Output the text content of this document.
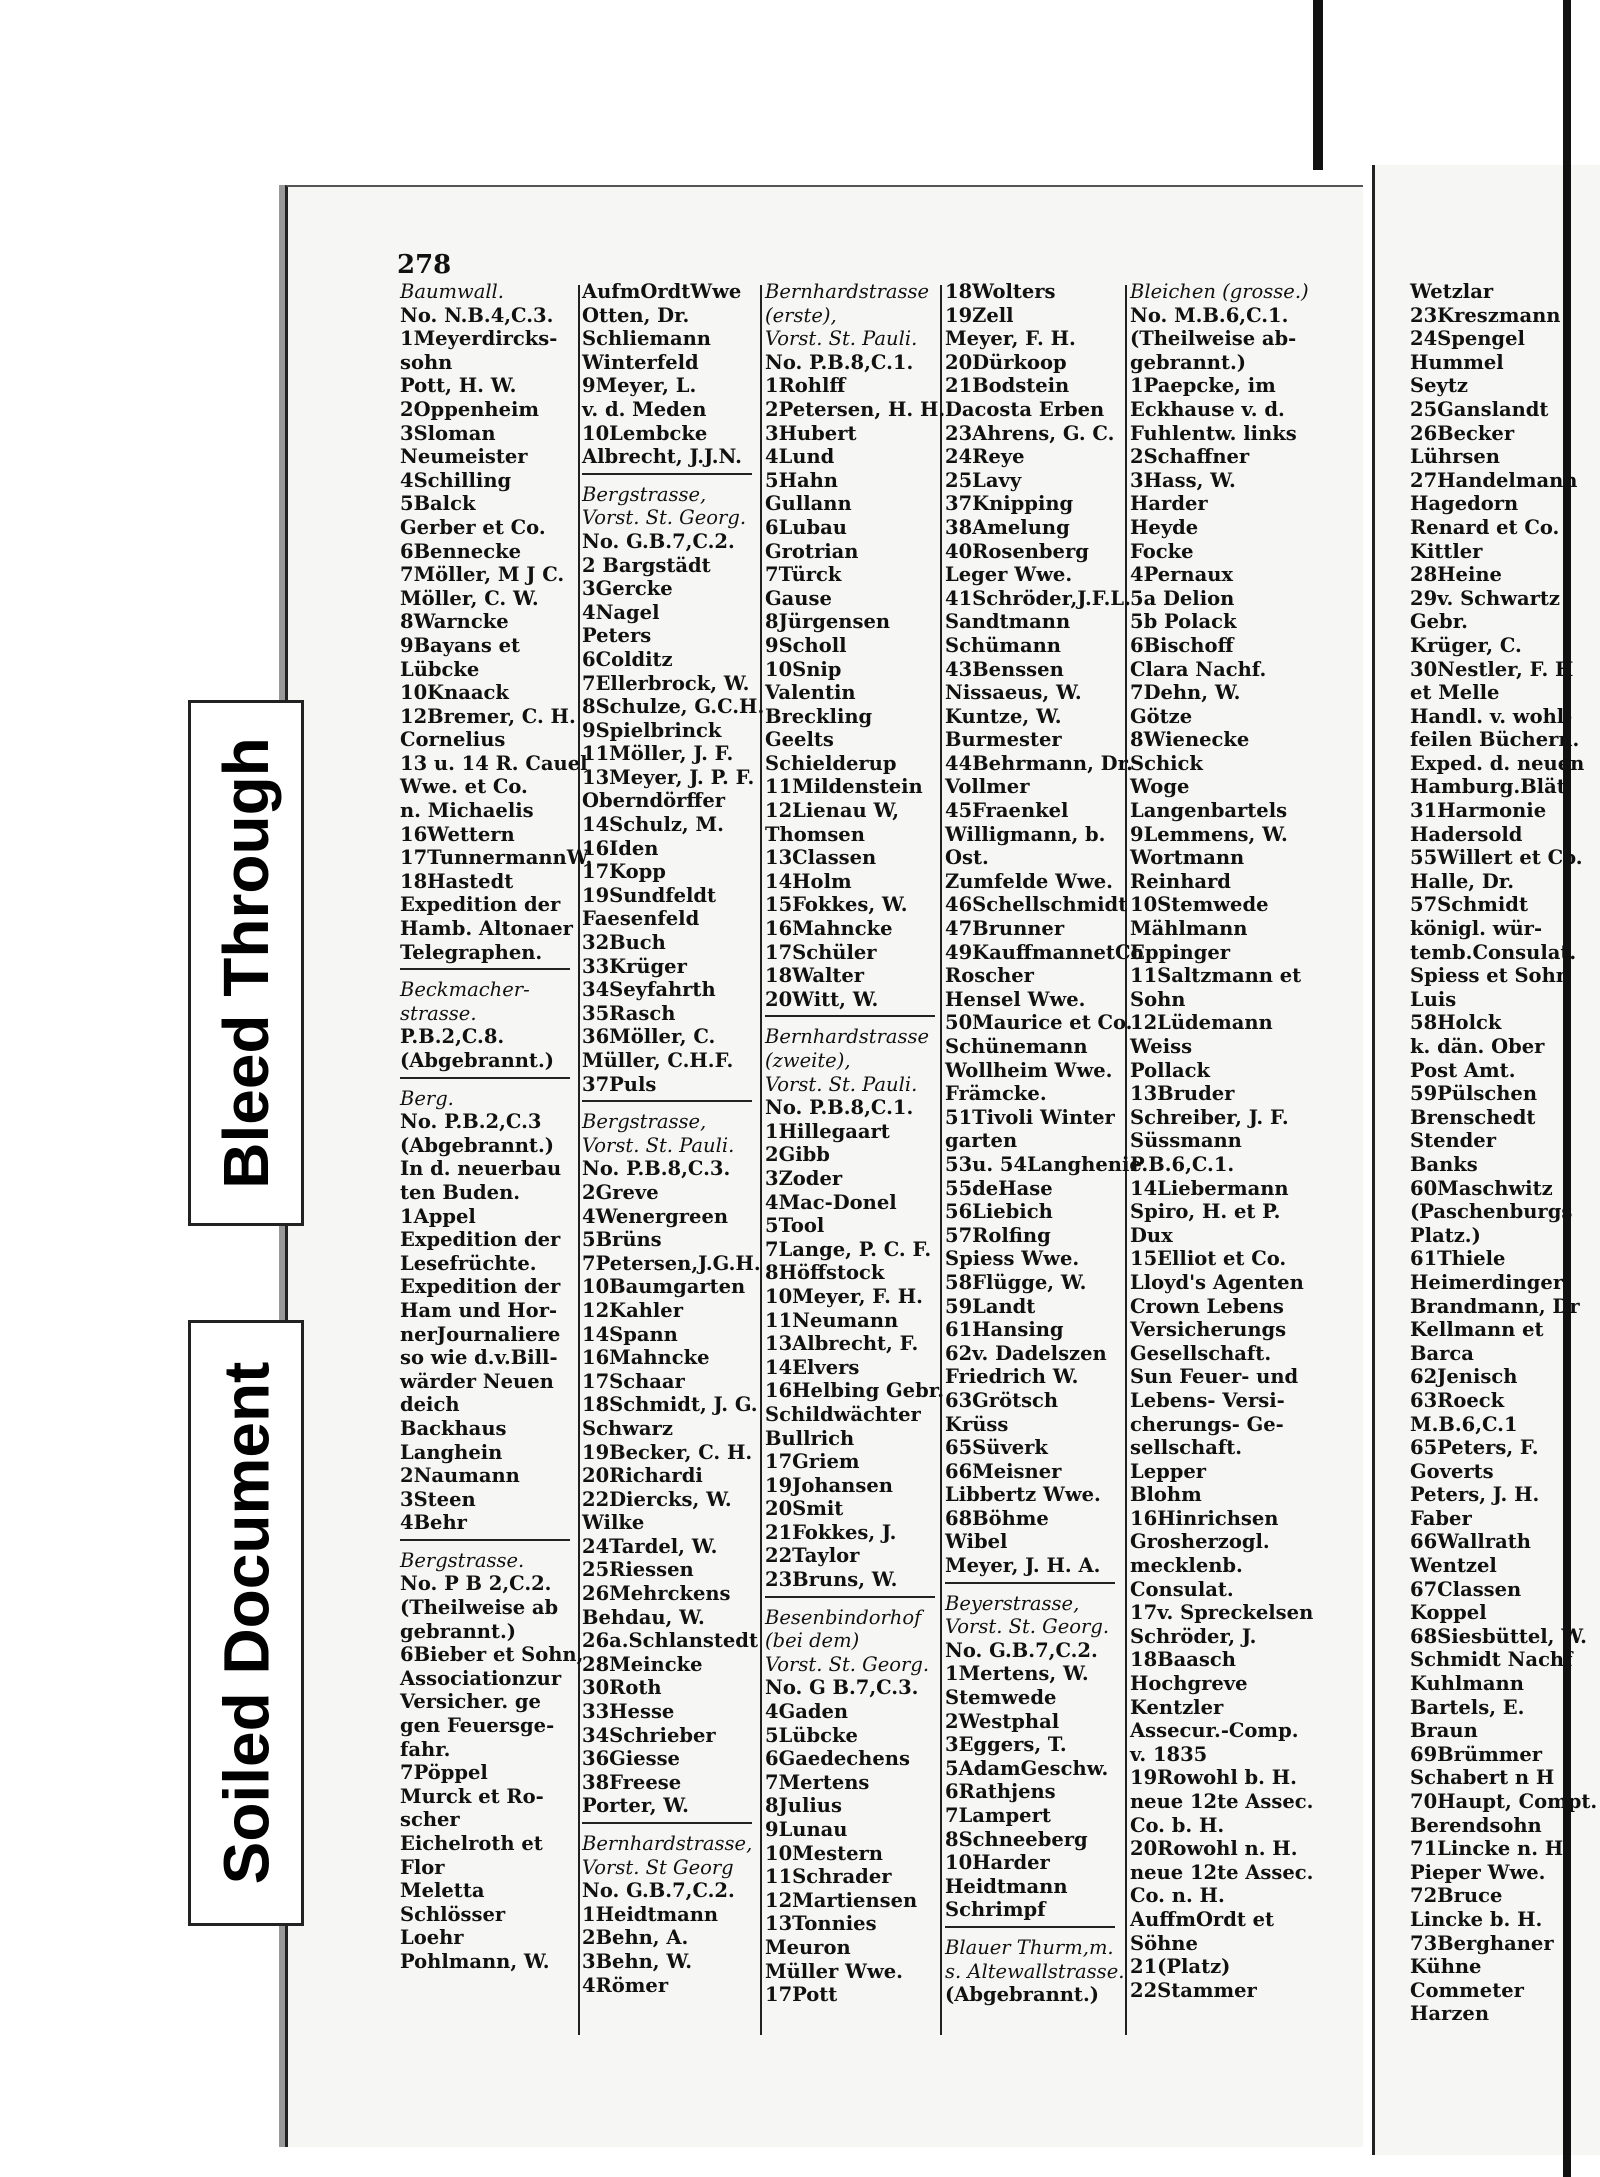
278
Baumwall.
No. N.B.4,C.3.
1Meyerdircks-
sohn
Pott, H. W.
2Oppenheim
3Sloman
Neumeister
4Schilling
5Balck
Gerber et Co.
6Bennecke
7Möller, M J C.
Möller, C. W.
8Warncke
9Bayans et
Lübcke
10Knaack
12Bremer, C. H.
Cornelius
13 u. 14 R. Cauel
Wwe. et Co.
n. Michaelis
16Wettern
17TunnermannW.
18Hastedt
Expedition der
Hamb. Altonaer
Telegraphen.
Beckmacher-
strasse.
P.B.2,C.8.
(Abgebrannt.)
Berg.
No. P.B.2,C.3
(Abgebrannt.)
In d. neuerbau
ten Buden.
1Appel
Expedition der
Lesefrüchte.
Expedition der
Ham und Hor-
nerJournaliere
so wie d.v.Bill-
wärder Neuen
deich
Backhaus
Langhein
2Naumann
3Steen
4Behr
Bergstrasse.
No. P B 2,C.2.
(Theilweise ab
gebrannt.)
6Bieber et Sohn,
Associationzur
Versicher. ge
gen Feuersge-
fahr.
7Pöppel
Murck et Ro-
scher
Eichelroth et
Flor
Meletta
Schlösser
Loehr
Pohlmann, W.
AufmOrdtWwe
Otten, Dr.
Schliemann
Winterfeld
9Meyer, L.
v. d. Meden
10Lembcke
Albrecht, J.J.N.
Bergstrasse,
Vorst. St. Georg.
No. G.B.7,C.2.
2 Bargstädt
3Gercke
4Nagel
Peters
6Colditz
7Ellerbrock, W.
8Schulze, G.C.H.
9Spielbrinck
11Möller, J. F.
13Meyer, J. P. F.
Oberndörffer
14Schulz, M.
16Iden
17Kopp
19Sundfeldt
Faesenfeld
32Buch
33Krüger
34Seyfahrth
35Rasch
36Möller, C.
Müller, C.H.F.
37Puls
Bergstrasse,
Vorst. St. Pauli.
No. P.B.8,C.3.
2Greve
4Wenergreen
5Brüns
7Petersen,J.G.H.
10Baumgarten
12Kahler
14Spann
16Mahncke
17Schaar
18Schmidt, J. G.
Schwarz
19Becker, C. H.
20Richardi
22Diercks, W.
Wilke
24Tardel, W.
25Riessen
26Mehrckens
Behdau, W.
26a.Schlanstedt
28Meincke
30Roth
33Hesse
34Schrieber
36Giesse
38Freese
Porter, W.
Bernhardstrasse,
Vorst. St Georg
No. G.B.7,C.2.
1Heidtmann
2Behn, A.
3Behn, W.
4Römer
Bernhardstrasse
(erste),
Vorst. St. Pauli.
No. P.B.8,C.1.
1Rohlff
2Petersen, H. H.
3Hubert
4Lund
5Hahn
Gullann
6Lubau
Grotrian
7Türck
Gause
8Jürgensen
9Scholl
10Snip
Valentin
Breckling
Geelts
Schielderup
11Mildenstein
12Lienau W,
Thomsen
13Classen
14Holm
15Fokkes, W.
16Mahncke
17Schüler
18Walter
20Witt, W.
Bernhardstrasse
(zweite),
Vorst. St. Pauli.
No. P.B.8,C.1.
1Hillegaart
2Gibb
3Zoder
4Mac-Donel
5Tool
7Lange, P. C. F.
8Höffstock
10Meyer, F. H.
11Neumann
13Albrecht, F.
14Elvers
16Helbing Gebr.
Schildwächter
Bullrich
17Griem
19Johansen
20Smit
21Fokkes, J.
22Taylor
23Bruns, W.
Besenbindorhof
(bei dem)
Vorst. St. Georg.
No. G B.7,C.3.
4Gaden
5Lübcke
6Gaedechens
7Mertens
8Julius
9Lunau
10Mestern
11Schrader
12Martiensen
13Tonnies
Meuron
Müller Wwe.
17Pott
18Wolters
19Zell
Meyer, F. H.
20Dürkoop
21Bodstein
Dacosta Erben
23Ahrens, G. C.
24Reye
25Lavy
37Knipping
38Amelung
40Rosenberg
Leger Wwe.
41Schröder,J.F.L.
Sandtmann
Schümann
43Benssen
Nissaeus, W.
Kuntze, W.
Burmester
44Behrmann, Dr.
Vollmer
45Fraenkel
Willigmann, b.
Ost.
Zumfelde Wwe.
46Schellschmidt
47Brunner
49KauffmannetCo
Roscher
Hensel Wwe.
50Maurice et Co.
Schünemann
Wollheim Wwe.
Främcke.
51Tivoli Winter
garten
53u. 54Langhenie
55deHase
56Liebich
57Rolfing
Spiess Wwe.
58Flügge, W.
59Landt
61Hansing
62v. Dadelszen
Friedrich W.
63Grötsch
Krüss
65Süverk
66Meisner
Libbertz Wwe.
68Böhme
Wibel
Meyer, J. H. A.
Beyerstrasse,
Vorst. St. Georg.
No. G.B.7,C.2.
1Mertens, W.
Stemwede
2Westphal
3Eggers, T.
5AdamGeschw.
6Rathjens
7Lampert
8Schneeberg
10Harder
Heidtmann
Schrimpf
Blauer Thurm,m.
s. Altewallstrasse.
(Abgebrannt.)
Bleichen (grosse.)
No. M.B.6,C.1.
(Theilweise ab-
gebrannt.)
1Paepcke, im
Eckhause v. d.
Fuhlentw. links
2Schaffner
3Hass, W.
Harder
Heyde
Focke
4Pernaux
5a Delion
5b Polack
6Bischoff
Clara Nachf.
7Dehn, W.
Götze
8Wienecke
Schick
Woge
Langenbartels
9Lemmens, W.
Wortmann
Reinhard
10Stemwede
Mählmann
Eppinger
11Saltzmann et
Sohn
12Lüdemann
Weiss
Pollack
13Bruder
Schreiber, J. F.
Süssmann
P.B.6,C.1.
14Liebermann
Spiro, H. et P.
Dux
15Elliot et Co.
Lloyd's Agenten
Crown Lebens
Versicherungs
Gesellschaft.
Sun Feuer- und
Lebens- Versi-
cherungs- Ge-
sellschaft.
Lepper
Blohm
16Hinrichsen
Grosherzogl.
mecklenb.
Consulat.
17v. Spreckelsen
Schröder, J.
18Baasch
Hochgreve
Kentzler
Assecur.-Comp.
v. 1835
19Rowohl b. H.
neue 12te Assec.
Co. b. H.
20Rowohl n. H.
neue 12te Assec.
Co. n. H.
AuffmOrdt et
Söhne
21(Platz)
22Stammer
Wetzlar
23Kreszmann
24Spengel
Hummel
Seytz
25Ganslandt
26Becker
Lührsen
27Handelmann
Hagedorn
Renard et Co.
Kittler
28Heine
29v. Schwartz
Gebr.
Krüger, C.
30Nestler, F. H
et Melle
Handl. v. wohl-
feilen Büchern.
Exped. d. neuen
Hamburg.Blät.
31Harmonie
Hadersold
55Willert et Co.
Halle, Dr.
57Schmidt
königl. wür-
temb.Consulat.
Spiess et Sohn
Luis
58Holck
k. dän. Ober
Post Amt.
59Pülschen
Brenschedt
Stender
Banks
60Maschwitz
(Paschenburgs
Platz.)
61Thiele
Heimerdinger
Brandmann, Dr
Kellmann et
Barca
62Jenisch
63Roeck
M.B.6,C.1
65Peters, F.
Goverts
Peters, J. H.
Faber
66Wallrath
Wentzel
67Classen
Koppel
68Siesbüttel, W.
Schmidt Nachf
Kuhlmann
Bartels, E.
Braun
69Brümmer
Schabert n H
70Haupt, Compt.
Berendsohn
71Lincke n. H.
Pieper Wwe.
72Bruce
Lincke b. H.
73Berghaner
Kühne
Commeter
Harzen
Bleed Through
Soiled Document
